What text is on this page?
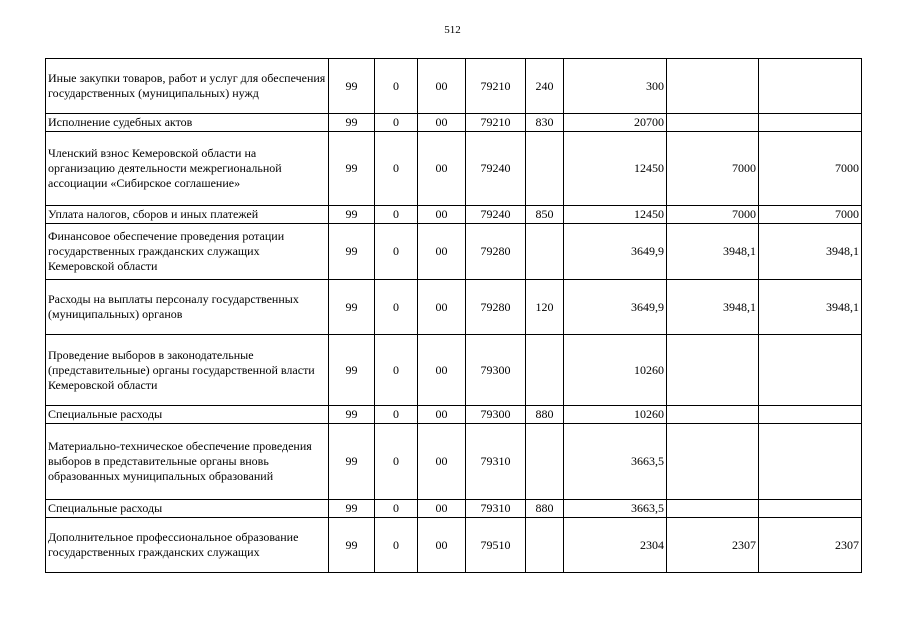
512
Иные закупки товаров, работ и услуг для обеспечения государственных (муниципальных) нужд	99	0	00	79210	240	300		
Исполнение судебных актов	99	0	00	79210	830	20700		
Членский взнос Кемеровской области на организацию деятельности межрегиональной ассоциации «Сибирское соглашение»	99	0	00	79240		12450	7000	7000
Уплата налогов, сборов и иных платежей	99	0	00	79240	850	12450	7000	7000
Финансовое обеспечение проведения ротации государственных гражданских служащих Кемеровской области	99	0	00	79280		3649,9	3948,1	3948,1
Расходы на выплаты персоналу государственных (муниципальных) органов	99	0	00	79280	120	3649,9	3948,1	3948,1
Проведение выборов в законодательные (представительные) органы государственной власти Кемеровской области	99	0	00	79300		10260		
Специальные расходы	99	0	00	79300	880	10260		
Материально-техническое обеспечение проведения выборов в представительные органы вновь образованных муниципальных образований	99	0	00	79310		3663,5		
Специальные расходы	99	0	00	79310	880	3663,5		
Дополнительное профессиональное образование государственных гражданских служащих	99	0	00	79510		2304	2307	2307
